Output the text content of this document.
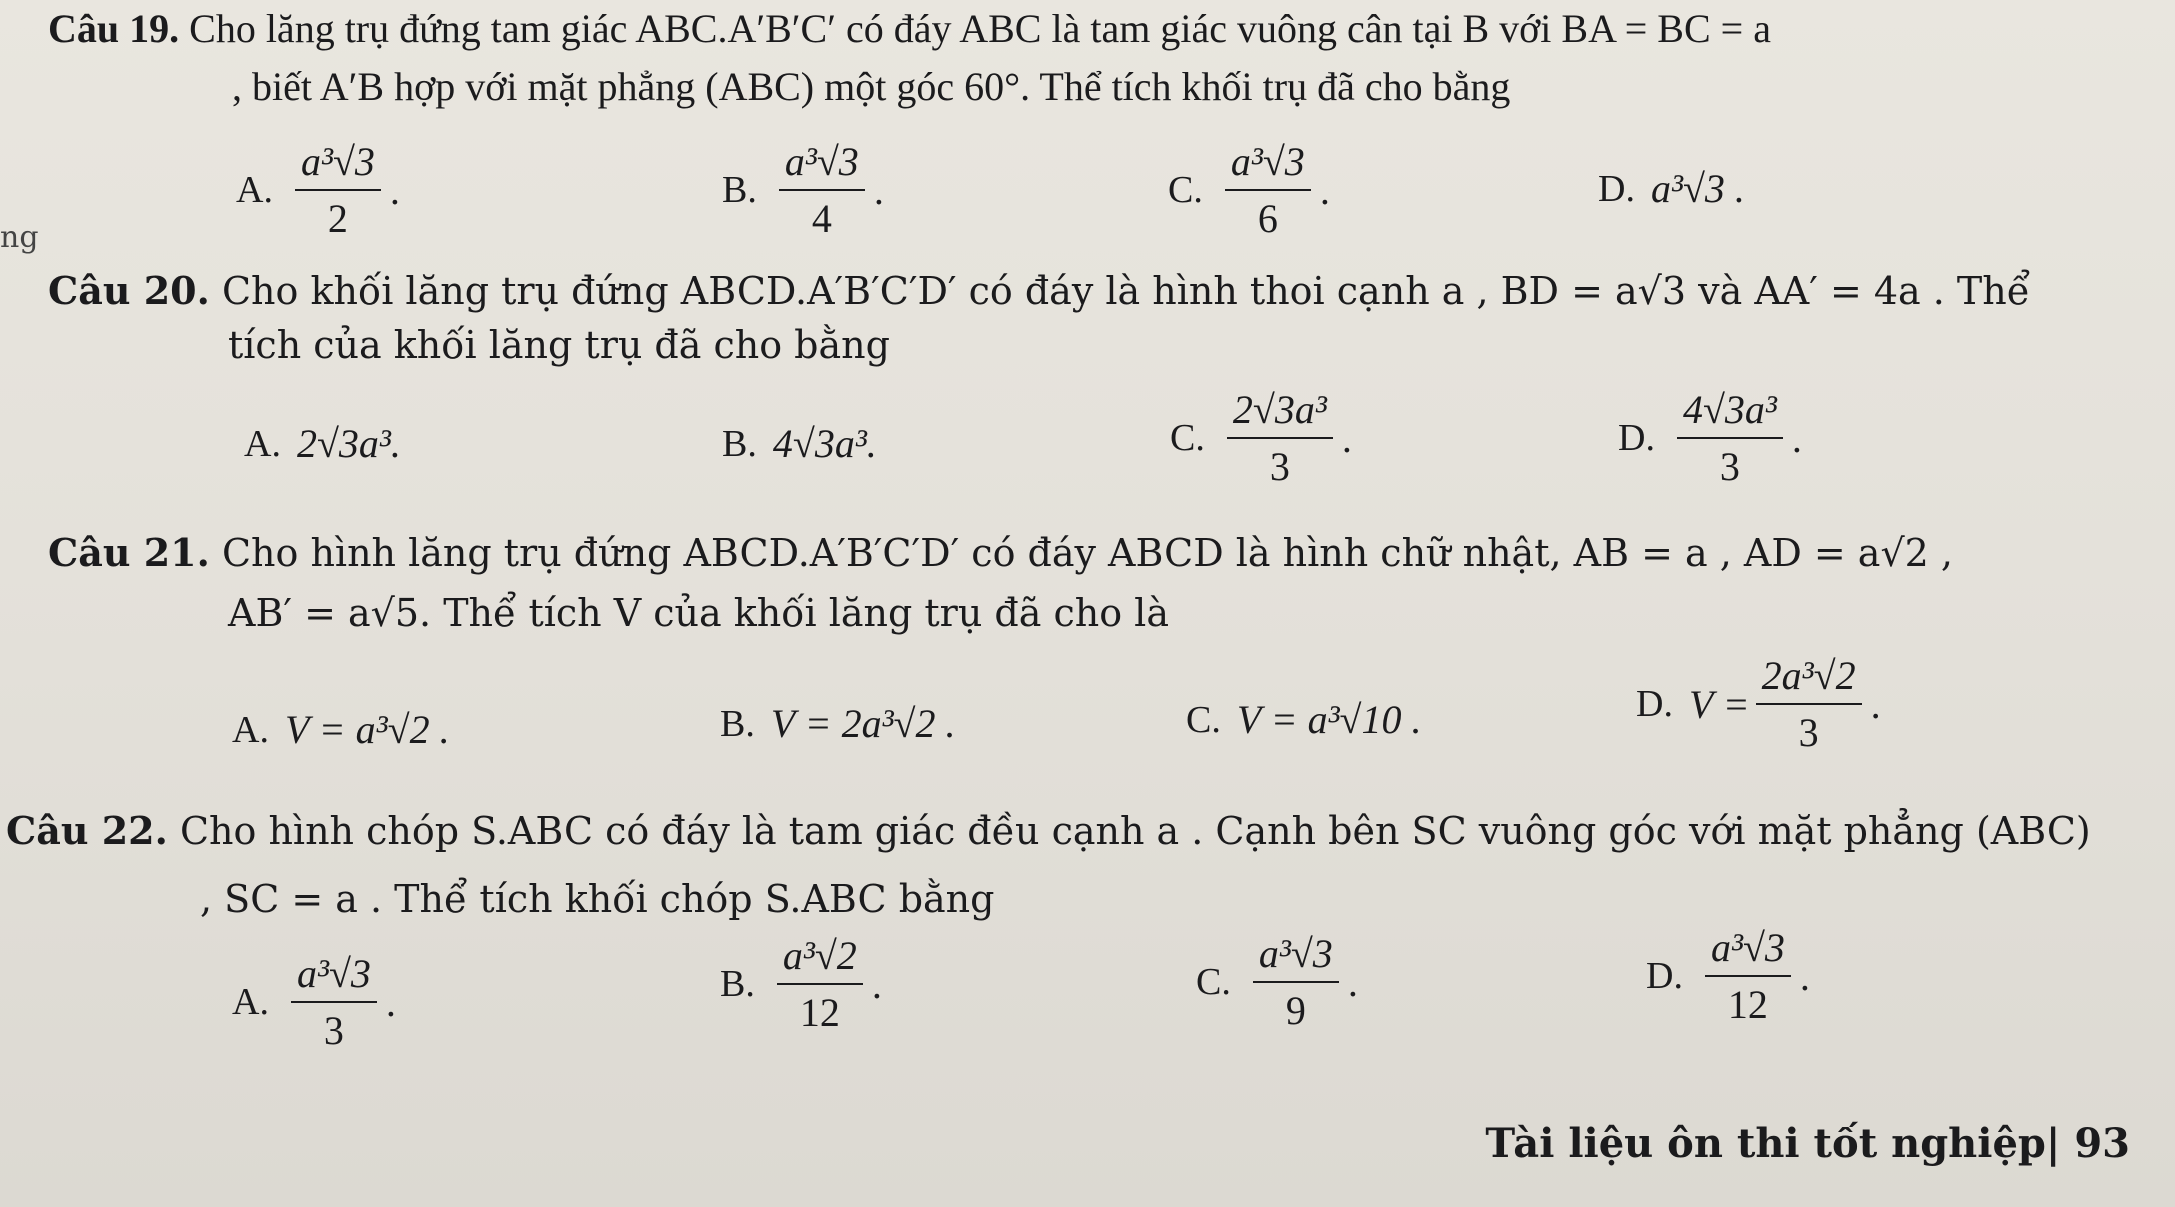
Câu 19. Cho lăng trụ đứng tam giác ABC.A′B′C′ có đáy ABC là tam giác vuông cân tại B với BA = BC = a
, biết A′B hợp với mặt phẳng (ABC) một góc 60°. Thể tích khối trụ đã cho bằng
A. $\frac{\text{a³√3}}{2}$ .	B. $\frac{\text{a³√3}}{4}$ .	C. $\frac{\text{a³√3}}{6}$ .	D. a³√3 .
ng
Câu 20. Cho khối lăng trụ đứng ABCD.A′B′C′D′ có đáy là hình thoi cạnh a , BD = a√3 và AA′ = 4a . Thể
tích của khối lăng trụ đã cho bằng
A. 2√3a³.	B. 4√3a³.	C. $\frac{\text{2√3a³}}{3}$ .	D. $\frac{\text{4√3a³}}{3}$ .
Câu 21. Cho hình lăng trụ đứng ABCD.A′B′C′D′ có đáy ABCD là hình chữ nhật, AB = a , AD = a√2 ,
AB′ = a√5. Thể tích V của khối lăng trụ đã cho là
A. V = a³√2 .	B. V = 2a³√2 .	C. V = a³√10 .	D. $V = \frac{\text{2a³√2}}{3}$ .
Câu 22. Cho hình chóp S.ABC có đáy là tam giác đều cạnh a . Cạnh bên SC vuông góc với mặt phẳng (ABC)
, SC = a . Thể tích khối chóp S.ABC bằng
A. $\frac{\text{a³√3}}{3}$ .	B. $\frac{\text{a³√2}}{12}$ .	C. $\frac{\text{a³√3}}{9}$ .	D. $\frac{\text{a³√3}}{12}$ .
Tài liệu ôn thi tốt nghiệp| 93
